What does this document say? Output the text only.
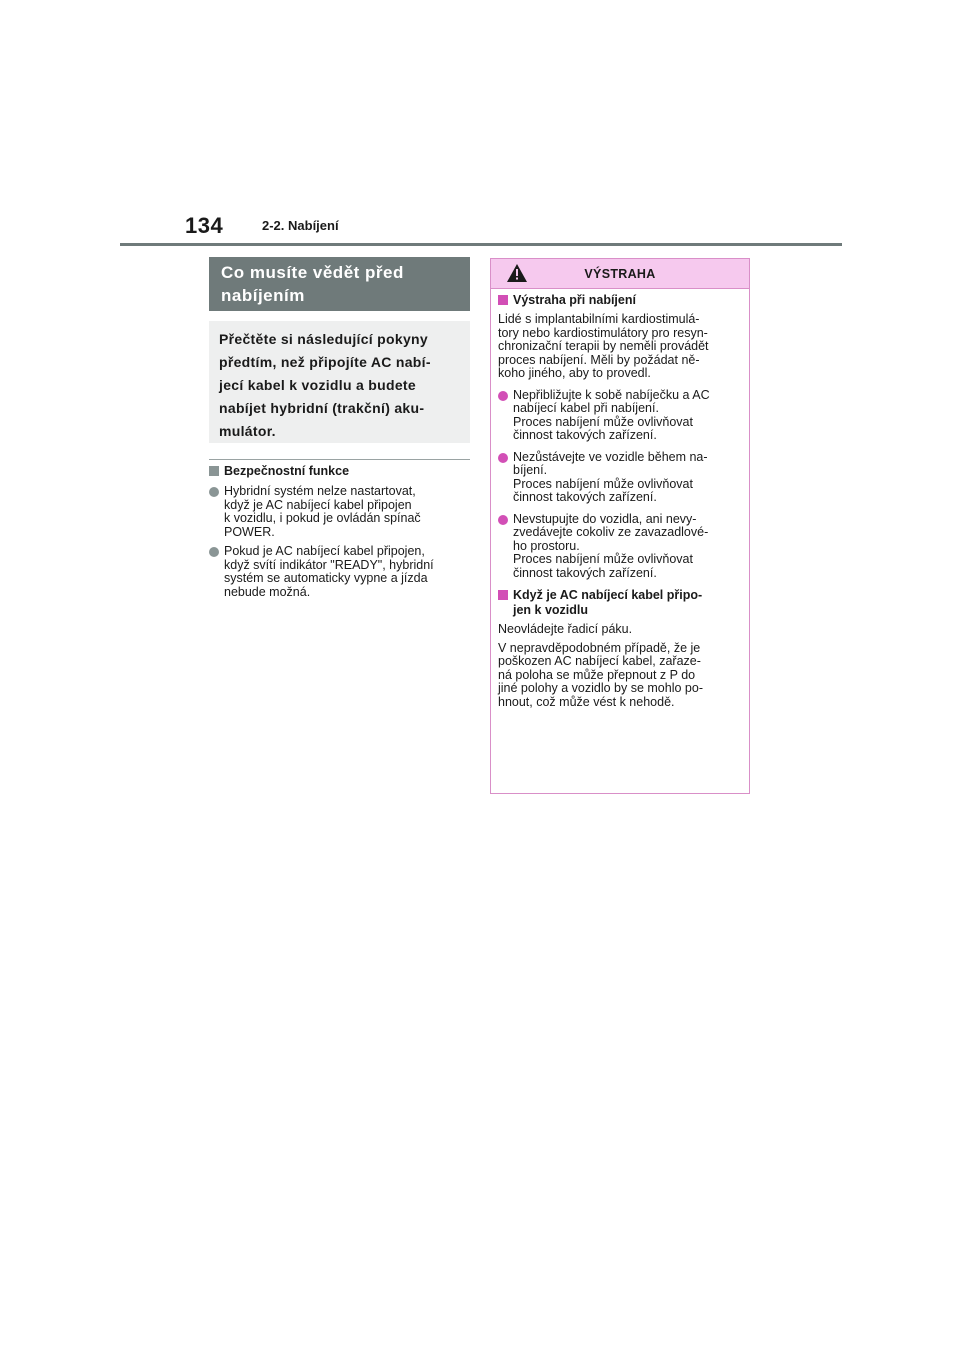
134	2-2. Nabíjení
Co musíte vědět před
nabíjením
Přečtěte si následující pokyny
předtím, než připojíte AC nabí-
jecí kabel k vozidlu a budete
nabíjet hybridní (trakční) aku-
mulátor.
Bezpečnostní funkce
Hybridní systém nelze nastartovat,
když je AC nabíjecí kabel připojen
k vozidlu, i pokud je ovládán spínač
POWER.
Pokud je AC nabíjecí kabel připojen,
když svítí indikátor "READY", hybridní
systém se automaticky vypne a jízda
nebude možná.
VÝSTRAHA
Výstraha při nabíjení
Lidé s implantabilními kardiostimulá-
tory nebo kardiostimulátory pro resyn-
chronizační terapii by neměli provádět
proces nabíjení. Měli by požádat ně-
koho jiného, aby to provedl.
Nepřibližujte k sobě nabíječku a AC
nabíjecí kabel při nabíjení.
Proces nabíjení může ovlivňovat
činnost takových zařízení.
Nezůstávejte ve vozidle během na-
bíjení.
Proces nabíjení může ovlivňovat
činnost takových zařízení.
Nevstupujte do vozidla, ani nevy-
zvedávejte cokoliv ze zavazadlové-
ho prostoru.
Proces nabíjení může ovlivňovat
činnost takových zařízení.
Když je AC nabíjecí kabel připo-
jen k vozidlu
Neovládejte řadicí páku.
V nepravděpodobném případě, že je
poškozen AC nabíjecí kabel, zařaze-
ná poloha se může přepnout z P do
jiné polohy a vozidlo by se mohlo po-
hnout, což může vést k nehodě.
